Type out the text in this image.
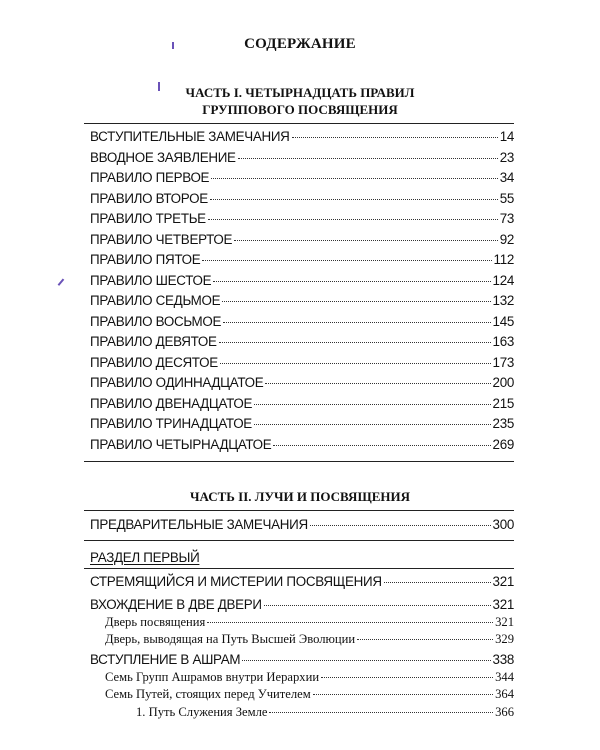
СОДЕРЖАНИЕ
ЧАСТЬ I. ЧЕТЫРНАДЦАТЬ ПРАВИЛ
ГРУППОВОГО ПОСВЯЩЕНИЯ
ВСТУПИТЕЛЬНЫЕ ЗАМЕЧАНИЯ	14
ВВОДНОЕ ЗАЯВЛЕНИЕ	23
ПРАВИЛО ПЕРВОЕ	34
ПРАВИЛО ВТОРОЕ	55
ПРАВИЛО ТРЕТЬЕ	73
ПРАВИЛО ЧЕТВЕРТОЕ	92
ПРАВИЛО ПЯТОЕ	112
ПРАВИЛО ШЕСТОЕ	124
ПРАВИЛО СЕДЬМОЕ	132
ПРАВИЛО ВОСЬМОЕ	145
ПРАВИЛО ДЕВЯТОЕ	163
ПРАВИЛО ДЕСЯТОЕ	173
ПРАВИЛО ОДИННАДЦАТОЕ	200
ПРАВИЛО ДВЕНАДЦАТОЕ	215
ПРАВИЛО ТРИНАДЦАТОЕ	235
ПРАВИЛО ЧЕТЫРНАДЦАТОЕ	269
ЧАСТЬ II. ЛУЧИ И ПОСВЯЩЕНИЯ
ПРЕДВАРИТЕЛЬНЫЕ ЗАМЕЧАНИЯ	300
РАЗДЕЛ ПЕРВЫЙ
СТРЕМЯЩИЙСЯ И МИСТЕРИИ ПОСВЯЩЕНИЯ	321
ВХОЖДЕНИЕ В ДВЕ ДВЕРИ	321
Дверь посвящения	321
Дверь, выводящая на Путь Высшей Эволюции	329
ВСТУПЛЕНИЕ В АШРАМ	338
Семь Групп Ашрамов внутри Иерархии	344
Семь Путей, стоящих перед Учителем	364
1. Путь Служения Земле	366
